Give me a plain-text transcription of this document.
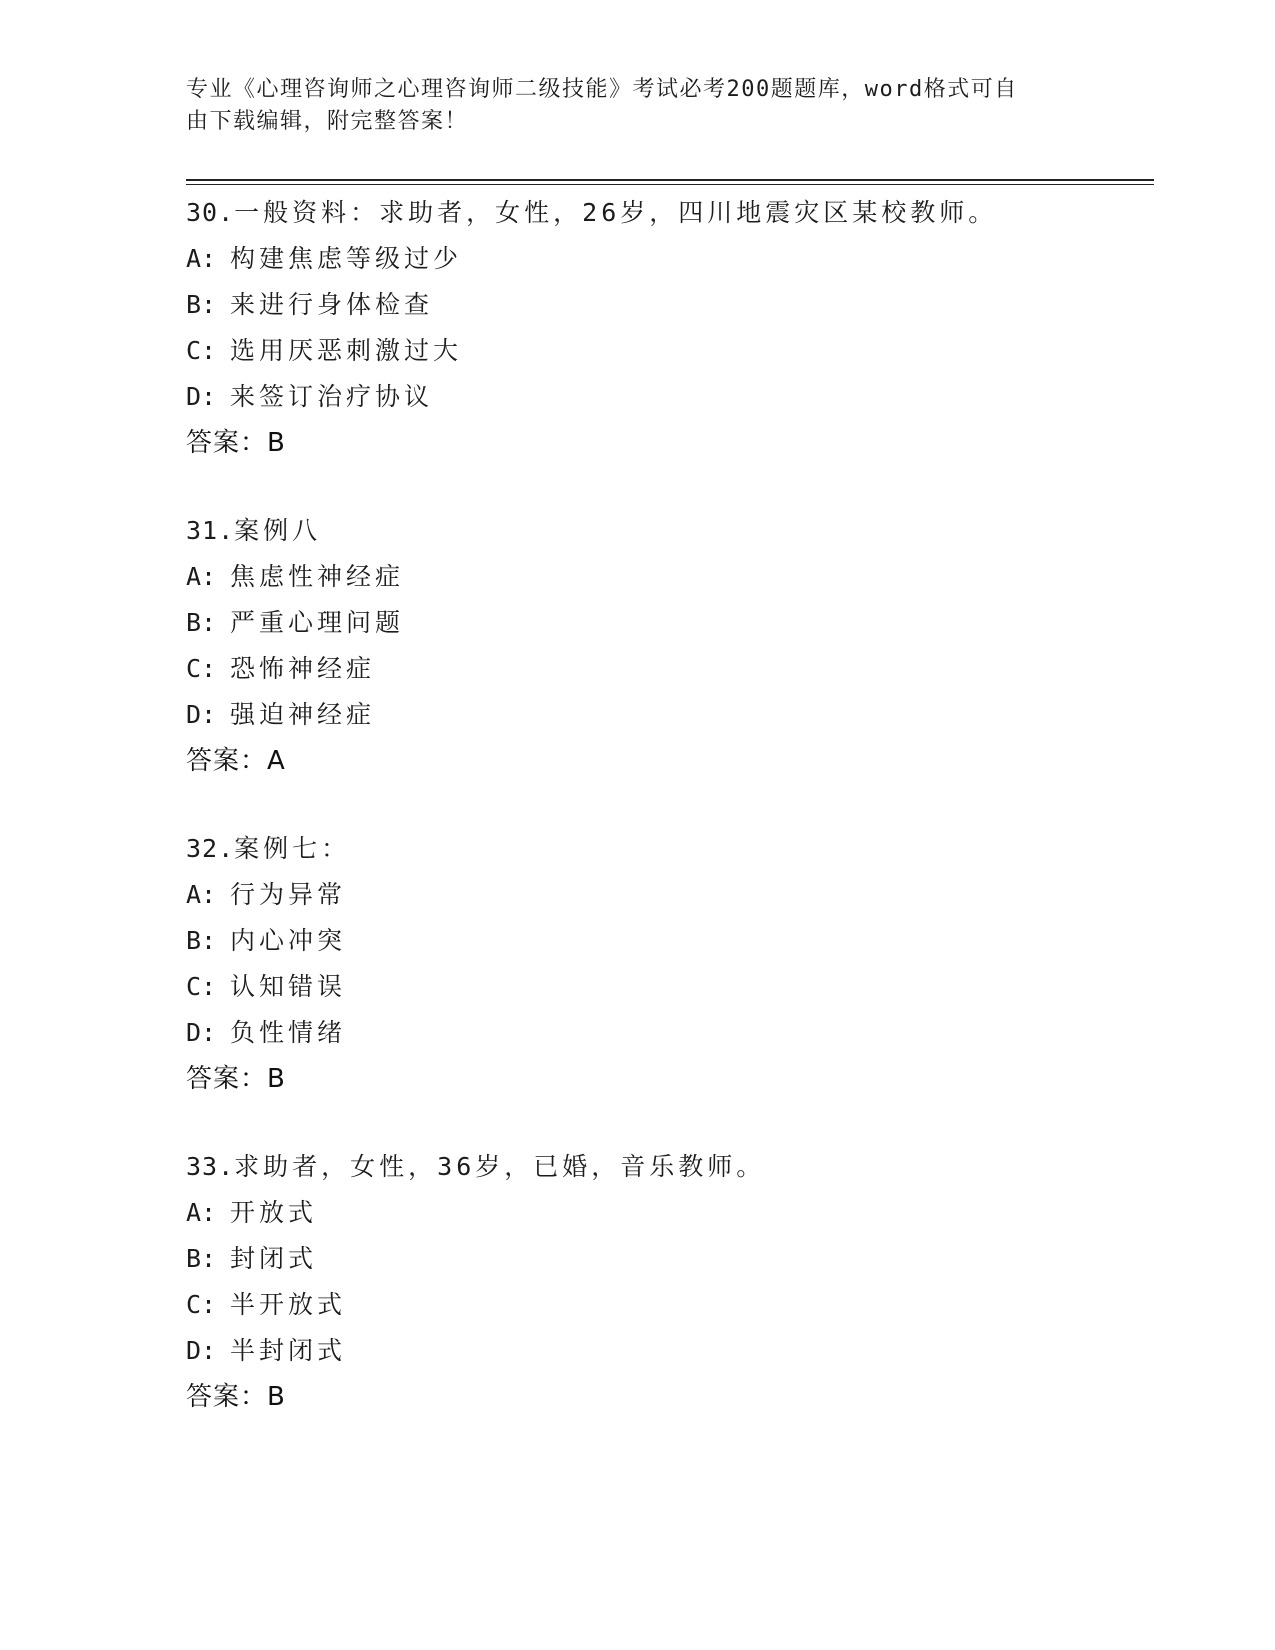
专业《心理咨询师之心理咨询师二级技能》考试必考200题题库，word格式可自
由下载编辑，附完整答案！
30.一般资料：求助者，女性，26岁，四川地震灾区某校教师。
A: 构建焦虑等级过少
B: 来进行身体检查
C: 选用厌恶刺激过大
D: 来签订治疗协议
答案：B
31.案例八
A: 焦虑性神经症
B: 严重心理问题
C: 恐怖神经症
D: 强迫神经症
答案：A
32.案例七：
A: 行为异常
B: 内心冲突
C: 认知错误
D: 负性情绪
答案：B
33.求助者，女性，36岁，已婚，音乐教师。
A: 开放式
B: 封闭式
C: 半开放式
D: 半封闭式
答案：B
